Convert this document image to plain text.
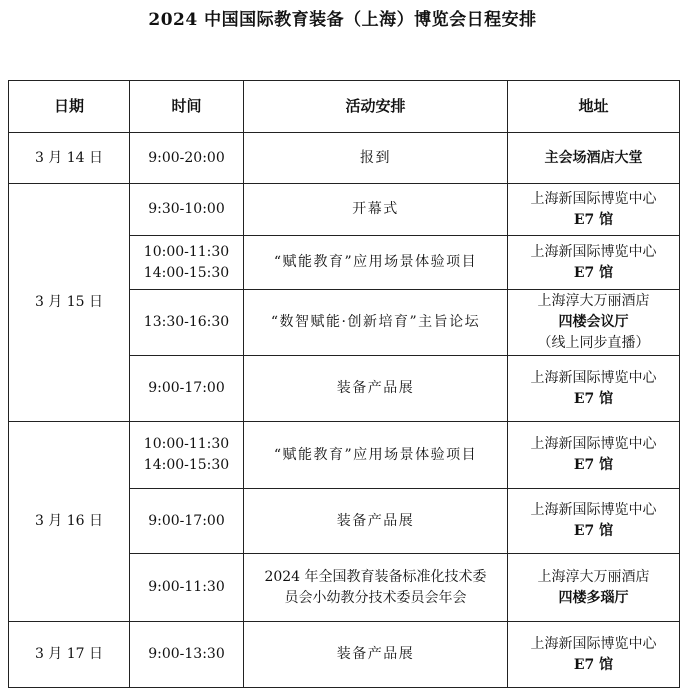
2024 中国国际教育装备（上海）博览会日程安排
日期	时间	活动安排	地址
3 月 14 日	9:00-20:00	报到	主会场酒店大堂

3 月 15 日	9:30-10:00	开幕式	上海新国际博览中心
E7 馆

	10:00-11:30
14:00-15:30	“赋能教育”应用场景体验项目	上海新国际博览中心
E7 馆

	13:30-16:30	“数智赋能·创新培育”主旨论坛	上海淳大万丽酒店
四楼会议厅
（线上同步直播）

	9:00-17:00	装备产品展	上海新国际博览中心
E7 馆

3 月 16 日	10:00-11:30
14:00-15:30	“赋能教育”应用场景体验项目	上海新国际博览中心
E7 馆

	9:00-17:00	装备产品展	上海新国际博览中心
E7 馆

	9:00-11:30	2024 年全国教育装备标准化技术委
员会小幼教分技术委员会年会	上海淳大万丽酒店
四楼多瑙厅

3 月 17 日	9:00-13:30	装备产品展	上海新国际博览中心
E7 馆
